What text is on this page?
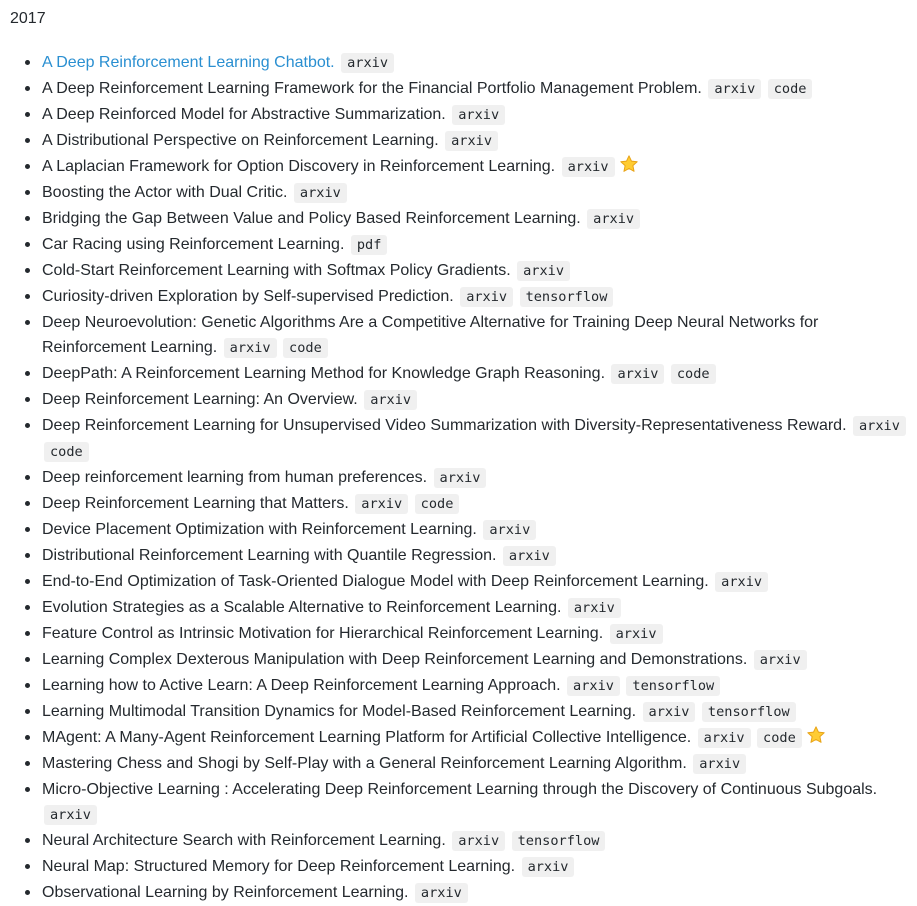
2017
A Deep Reinforcement Learning Chatbot. arxiv
A Deep Reinforcement Learning Framework for the Financial Portfolio Management Problem. arxiv code
A Deep Reinforced Model for Abstractive Summarization. arxiv
A Distributional Perspective on Reinforcement Learning. arxiv
A Laplacian Framework for Option Discovery in Reinforcement Learning. arxiv
Boosting the Actor with Dual Critic. arxiv
Bridging the Gap Between Value and Policy Based Reinforcement Learning. arxiv
Car Racing using Reinforcement Learning. pdf
Cold-Start Reinforcement Learning with Softmax Policy Gradients. arxiv
Curiosity-driven Exploration by Self-supervised Prediction. arxiv tensorflow
Deep Neuroevolution: Genetic Algorithms Are a Competitive Alternative for Training Deep Neural Networks for Reinforcement Learning. arxiv code
DeepPath: A Reinforcement Learning Method for Knowledge Graph Reasoning. arxiv code
Deep Reinforcement Learning: An Overview. arxiv
Deep Reinforcement Learning for Unsupervised Video Summarization with Diversity-Representativeness Reward. arxiv code
Deep reinforcement learning from human preferences. arxiv
Deep Reinforcement Learning that Matters. arxiv code
Device Placement Optimization with Reinforcement Learning. arxiv
Distributional Reinforcement Learning with Quantile Regression. arxiv
End-to-End Optimization of Task-Oriented Dialogue Model with Deep Reinforcement Learning. arxiv
Evolution Strategies as a Scalable Alternative to Reinforcement Learning. arxiv
Feature Control as Intrinsic Motivation for Hierarchical Reinforcement Learning. arxiv
Learning Complex Dexterous Manipulation with Deep Reinforcement Learning and Demonstrations. arxiv
Learning how to Active Learn: A Deep Reinforcement Learning Approach. arxiv tensorflow
Learning Multimodal Transition Dynamics for Model-Based Reinforcement Learning. arxiv tensorflow
MAgent: A Many-Agent Reinforcement Learning Platform for Artificial Collective Intelligence. arxiv code
Mastering Chess and Shogi by Self-Play with a General Reinforcement Learning Algorithm. arxiv
Micro-Objective Learning : Accelerating Deep Reinforcement Learning through the Discovery of Continuous Subgoals. arxiv
Neural Architecture Search with Reinforcement Learning. arxiv tensorflow
Neural Map: Structured Memory for Deep Reinforcement Learning. arxiv
Observational Learning by Reinforcement Learning. arxiv
